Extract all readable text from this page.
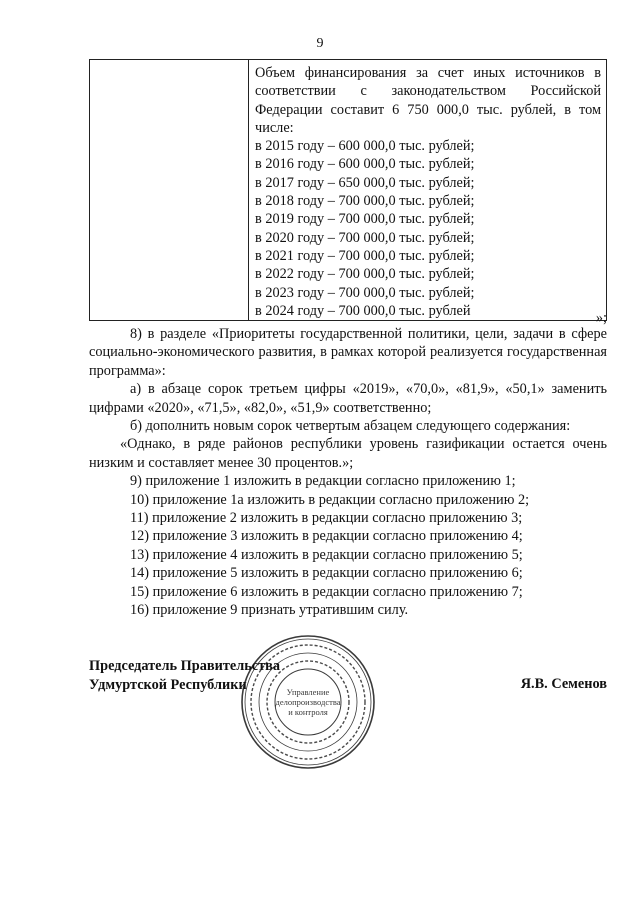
9

Объем финансирования за счет иных источников в соответствии с законодательством Российской Федерации составит 6 750 000,0 тыс. рублей, в том числе:
в 2015 году – 600 000,0 тыс. рублей;
в 2016 году – 600 000,0 тыс. рублей;
в 2017 году – 650 000,0 тыс. рублей;
в 2018 году – 700 000,0 тыс. рублей;
в 2019 году – 700 000,0 тыс. рублей;
в 2020 году – 700 000,0 тыс. рублей;
в 2021 году – 700 000,0 тыс. рублей;
в 2022 году – 700 000,0 тыс. рублей;
в 2023 году – 700 000,0 тыс. рублей;
в 2024 году – 700 000,0 тыс. рублей	»;

8) в разделе «Приоритеты государственной политики, цели, задачи в сфере социально-экономического развития, в рамках которой реализуется государственная программа»:

а) в абзаце сорок третьем цифры «2019», «70,0», «81,9», «50,1» заменить цифрами «2020», «71,5», «82,0», «51,9» соответственно;

б) дополнить новым сорок четвертым абзацем следующего содержания:

«Однако, в ряде районов республики уровень газификации остается очень низким и составляет менее 30 процентов.»;

9) приложение 1 изложить в редакции согласно приложению 1;

10) приложение 1а изложить в редакции согласно приложению 2;

11) приложение 2 изложить в редакции согласно приложению 3;

12) приложение 3 изложить в редакции согласно приложению 4;

13) приложение 4 изложить в редакции согласно приложению 5;

14) приложение 5 изложить в редакции согласно приложению 6;

15) приложение 6 изложить в редакции согласно приложению 7;

16) приложение 9 признать утратившим силу.

Управление
делопроизводства
и контроля
Председатель Правительства
Удмуртской Республики	Я.В. Семенов
